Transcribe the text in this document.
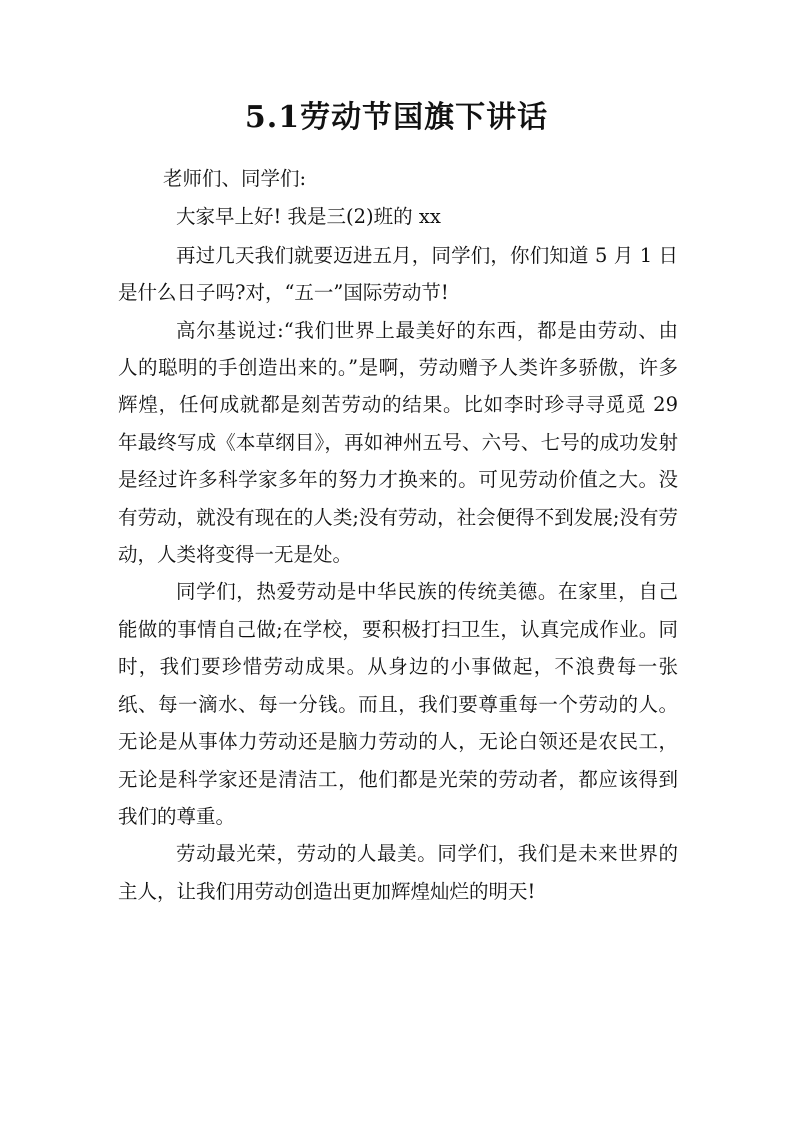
5.1劳动节国旗下讲话

老师们、同学们:

大家早上好! 我是三(2)班的 xx

再过几天我们就要迈进五月，同学们，你们知道 5 月 1 日是什么日子吗?对，“五一”国际劳动节!

高尔基说过:“我们世界上最美好的东西，都是由劳动、由人的聪明的手创造出来的。”是啊，劳动赠予人类许多骄傲，许多辉煌，任何成就都是刻苦劳动的结果。比如李时珍寻寻觅觅 29 年最终写成《本草纲目》，再如神州五号、六号、七号的成功发射是经过许多科学家多年的努力才换来的。可见劳动价值之大。没有劳动，就没有现在的人类;没有劳动，社会便得不到发展;没有劳动，人类将变得一无是处。

同学们，热爱劳动是中华民族的传统美德。在家里，自己能做的事情自己做;在学校，要积极打扫卫生，认真完成作业。同时，我们要珍惜劳动成果。从身边的小事做起，不浪费每一张纸、每一滴水、每一分钱。而且，我们要尊重每一个劳动的人。无论是从事体力劳动还是脑力劳动的人，无论白领还是农民工，无论是科学家还是清洁工，他们都是光荣的劳动者，都应该得到我们的尊重。

劳动最光荣，劳动的人最美。同学们，我们是未来世界的主人，让我们用劳动创造出更加辉煌灿烂的明天!
